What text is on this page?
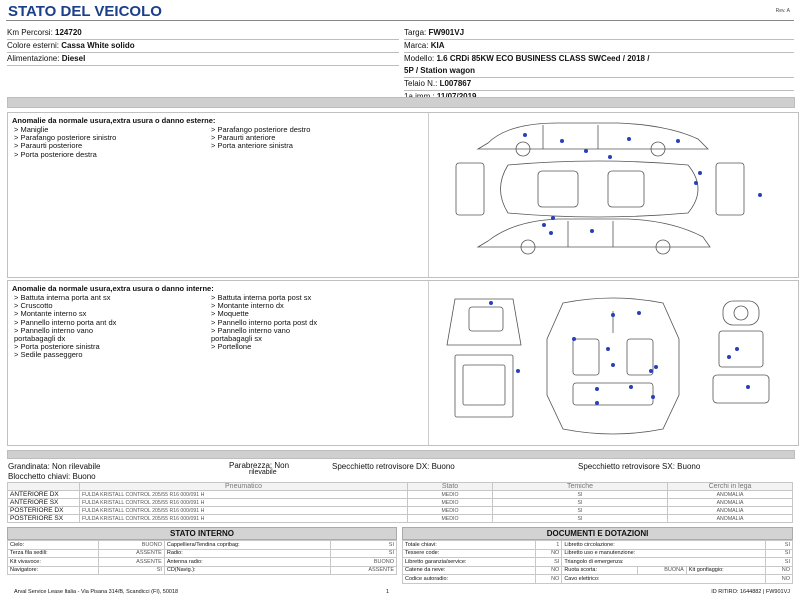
STATO DEL VEICOLO	Rev. A
Km Percorsi: 124720
Colore esterni: Cassa White solido
Alimentazione: Diesel
Targa: FW901VJ
Marca: KIA
Modello: 1.6 CRDi 85KW ECO BUSINESS CLASS SWCeed / 2018 /
5P / Station wagon
Telaio N.: L007867
Anomalie da normale usura,extra usura o danno esterne:
> Maniglie
> Parafango posteriore sinistro
> Paraurti posteriore
> Porta posteriore destra
> Parafango posteriore destro
> Paraurti anteriore
> Porta anteriore sinistra
Anomalie da normale usura,extra usura o danno interne:
> Battuta interna porta ant sx
> Cruscotto
> Montante interno sx
> Pannello interno porta ant dx
> Pannello interno vano
portabagagli dx
> Porta posteriore sinistra
> Sedile passeggero
> Battuta interna porta post sx
> Montante interno dx
> Moquette
> Pannello interno porta post dx
> Pannello interno vano
portabagagli sx
> Portellone
Grandinata: Non rilevabile	Parabrezza: Non
rilevabile
Specchietto retrovisore DX: Buono	Specchietto retrovisore SX: Buono
Blocchetto chiavi: Buono
	Pneumatico	Stato	Temiche	Cerchi in lega
ANTERIORE DX	FULDA KRISTALL CONTROL 205/55 R16 000/091 H	MEDIO	SI	ANOMALIA
ANTERIORE SX	FULDA KRISTALL CONTROL 205/55 R16 000/091 H	MEDIO	SI	ANOMALIA
POSTERIORE DX	FULDA KRISTALL CONTROL 205/55 R16 000/091 H	MEDIO	SI	ANOMALIA
POSTERIORE SX	FULDA KRISTALL CONTROL 205/55 R16 000/091 H	MEDIO	SI	ANOMALIA
STATO INTERNO
Cielo:	BUONO	Cappelliera/Tendina copribag:	SI
Terza fila sedili:	ASSENTE	Radio:	SI
Kit vivavoce:	ASSENTE	Antenna radio:	BUONO
Navigatore:	SI	CD(Navig.):	ASSENTE
DOCUMENTI E DOTAZIONI
Totale chiavi:	1	Libretto circolazione:			SI
Tessere code:	NO	Libretto uso e manutenzione:			SI
Libretto garanzia/service:	SI	Triangolo di emergenza:			SI
Catene da neve:	NO	Ruota scorta:	BUONA	Kit gonfiaggio:	NO
Codice autoradio:	NO	Cavo elettrico:			NO
Arval Service Lease Italia - Via Pisana 314/B, Scandicci (FI), 50018	1	ID RITIRO: 1644882 | FW901VJ
